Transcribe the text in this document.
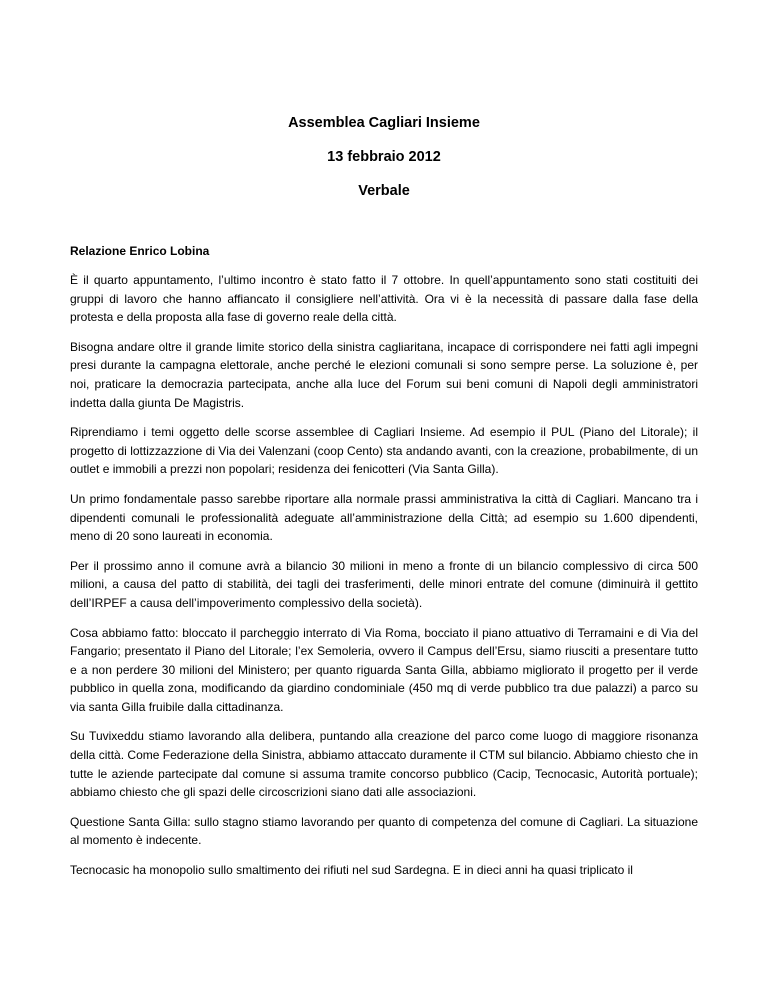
Assemblea Cagliari Insieme

13 febbraio 2012

Verbale

Relazione Enrico Lobina

È il quarto appuntamento, l’ultimo incontro è stato fatto il 7 ottobre. In quell’appuntamento sono stati costituiti dei gruppi di lavoro che hanno affiancato il consigliere nell’attività. Ora vi è la necessità di passare dalla fase della protesta e della proposta alla fase di governo reale della città.

Bisogna andare oltre il grande limite storico della sinistra cagliaritana, incapace di corrispondere nei fatti agli impegni presi durante la campagna elettorale, anche perché le elezioni comunali si sono sempre perse. La soluzione è, per noi, praticare la democrazia partecipata, anche alla luce del Forum sui beni comuni di Napoli degli amministratori indetta dalla giunta De Magistris.

Riprendiamo i temi oggetto delle scorse assemblee di Cagliari Insieme. Ad esempio il PUL (Piano del Litorale); il progetto di lottizzazzione di Via dei Valenzani (coop Cento) sta andando avanti, con la creazione, probabilmente, di un outlet e immobili a prezzi non popolari; residenza dei fenicotteri (Via Santa Gilla).

Un primo fondamentale passo sarebbe riportare alla normale prassi amministrativa la città di Cagliari. Mancano tra i dipendenti comunali le professionalità adeguate all’amministrazione della Città; ad esempio su 1.600 dipendenti, meno di 20 sono laureati in economia.

Per il prossimo anno il comune avrà a bilancio 30 milioni in meno a fronte di un bilancio complessivo di circa 500 milioni, a causa del patto di stabilità, dei tagli dei trasferimenti, delle minori entrate del comune (diminuirà il gettito dell’IRPEF a causa dell’impoverimento complessivo della società).

Cosa abbiamo fatto: bloccato il parcheggio interrato di Via Roma, bocciato il piano attuativo di Terramaini e di Via del Fangario; presentato il Piano del Litorale; l’ex Semoleria, ovvero il Campus dell’Ersu, siamo riusciti a presentare tutto e a non perdere 30 milioni del Ministero; per quanto riguarda Santa Gilla, abbiamo migliorato il progetto per il verde pubblico in quella zona, modificando da giardino condominiale (450 mq di verde pubblico tra due palazzi) a parco su via santa Gilla fruibile dalla cittadinanza.

Su Tuvixeddu stiamo lavorando alla delibera, puntando alla creazione del parco come luogo di maggiore risonanza della città. Come Federazione della Sinistra, abbiamo attaccato duramente il CTM sul bilancio. Abbiamo chiesto che in tutte le aziende partecipate dal comune si assuma tramite concorso pubblico (Cacip, Tecnocasic, Autorità portuale); abbiamo chiesto che gli spazi delle circoscrizioni siano dati alle associazioni.

Questione Santa Gilla: sullo stagno stiamo lavorando per quanto di competenza del comune di Cagliari. La situazione al momento è indecente.

Tecnocasic ha monopolio sullo smaltimento dei rifiuti nel sud Sardegna. E in dieci anni ha quasi triplicato il
